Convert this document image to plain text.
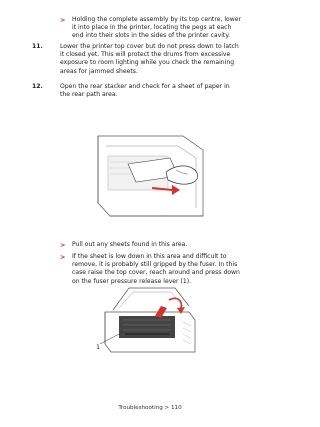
> Holding the complete assembly by its top centre, lower
it into place in the printer, locating the pegs at each
end into their slots in the sides of the printer cavity.
11.	Lower the printer top cover but do not press down to latch
it closed yet. This will protect the drums from excessive
exposure to room lighting while you check the remaining
areas for jammed sheets.
12.	Open the rear stacker and check for a sheet of paper in
the rear path area.
> Pull out any sheets found in this area.
> If the sheet is low down in this area and difficult to
remove, it is probably still gripped by the fuser. In this
case raise the top cover, reach around and press down
on the fuser pressure release lever (1).
1
Troubleshooting > 110
